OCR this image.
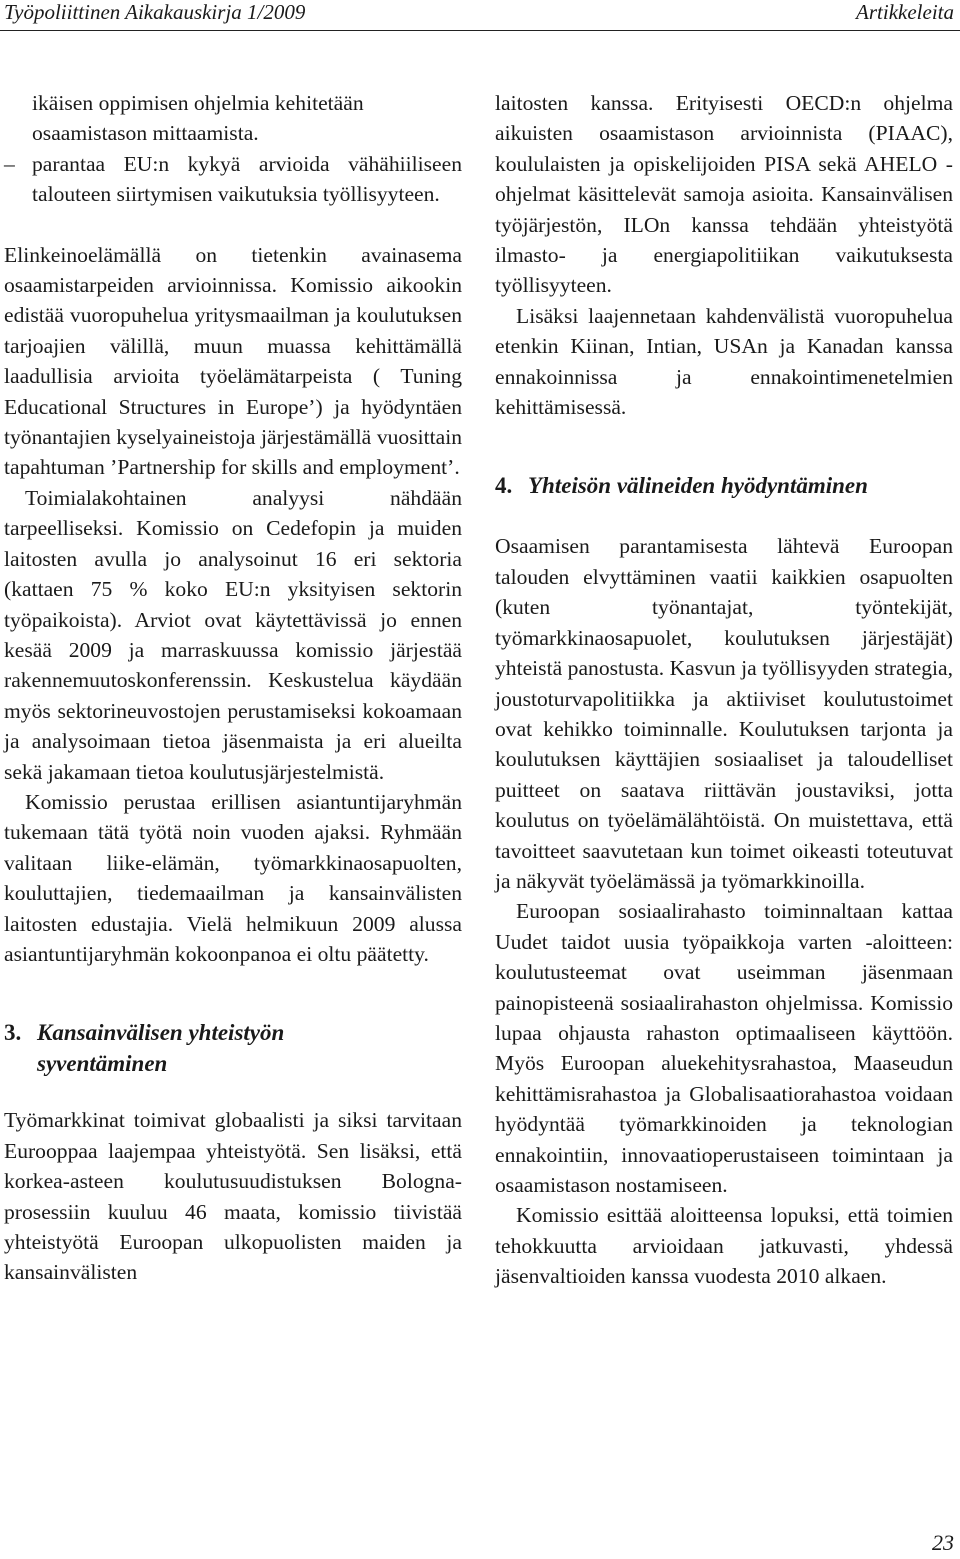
Työpoliittinen Aikakauskirja 1/2009	Artikkeleita

ikäisen oppimisen ohjelmia kehitetään

osaamistason mittaamista.

– parantaa EU:n kykyä arvioida vähähiiliseen talouteen siirtymisen vaikutuksia työllisyyteen.

Elinkeinoelämällä on tietenkin avainasema osaamistarpeiden arvioinnissa. Komissio aikookin edistää vuoropuhelua yritysmaailman ja koulutuksen tarjoajien välillä, muun muassa kehittämällä laadullisia arvioita työelämätarpeista ( Tuning Educational Structures in Europe’) ja hyödyntäen työnantajien kyselyaineistoja järjestämällä vuosittain tapahtuman ’Partnership for skills and employment’.

Toimialakohtainen analyysi nähdään tarpeelliseksi. Komissio on Cedefopin ja muiden laitosten avulla jo analysoinut 16 eri sektoria (kattaen 75 % koko EU:n yksityisen sektorin työpaikoista). Arviot ovat käytettävissä jo ennen kesää 2009 ja marraskuussa komissio järjestää rakennemuutoskonferenssin. Keskustelua käydään myös sektorineuvostojen perustamiseksi kokoamaan ja analysoimaan tietoa jäsenmaista ja eri alueilta sekä jakamaan tietoa koulutusjärjestelmistä.

Komissio perustaa erillisen asiantuntijaryhmän tukemaan tätä työtä noin vuoden ajaksi. Ryhmään valitaan liike-elämän, työmarkkinaosapuolten, kouluttajien, tiedemaailman ja kansainvälisten laitosten edustajia. Vielä helmikuun 2009 alussa asiantuntijaryhmän kokoonpanoa ei oltu päätetty.

3. Kansainvälisen yhteistyön
syventäminen

Työmarkkinat toimivat globaalisti ja siksi tarvitaan Eurooppaa laajempaa yhteistyötä. Sen lisäksi, että korkea-asteen koulutusuudistuksen Bologna-prosessiin kuuluu 46 maata, komissio tiivistää yhteistyötä Euroopan ulkopuolisten maiden ja kansainvälisten

laitosten kanssa. Erityisesti OECD:n ohjelma aikuisten osaamistason arvioinnista (PIAAC), koululaisten ja opiskelijoiden PISA sekä AHELO -ohjelmat käsittelevät samoja asioita. Kansainvälisen työjärjestön, ILOn kanssa tehdään yhteistyötä ilmasto- ja energiapolitiikan vaikutuksesta työllisyyteen.

Lisäksi laajennetaan kahdenvälistä vuoropuhelua etenkin Kiinan, Intian, USAn ja Kanadan kanssa ennakoinnissa ja ennakointimenetelmien kehittämisessä.

4. Yhteisön välineiden hyödyntäminen

Osaamisen parantamisesta lähtevä Euroopan talouden elvyttäminen vaatii kaikkien osapuolten (kuten työnantajat, työntekijät, työmarkkinaosapuolet, koulutuksen järjestäjät) yhteistä panostusta. Kasvun ja työllisyyden strategia, joustoturvapolitiikka ja aktiiviset koulutustoimet ovat kehikko toiminnalle. Koulutuksen tarjonta ja koulutuksen käyttäjien sosiaaliset ja taloudelliset puitteet on saatava riittävän joustaviksi, jotta koulutus on työelämälähtöistä. On muistettava, että tavoitteet saavutetaan kun toimet oikeasti toteutuvat ja näkyvät työelämässä ja työmarkkinoilla.

Euroopan sosiaalirahasto toiminnaltaan kattaa Uudet taidot uusia työpaikkoja varten -aloitteen: koulutusteemat ovat useimman jäsenmaan painopisteenä sosiaalirahaston ohjelmissa. Komissio lupaa ohjausta rahaston optimaaliseen käyttöön. Myös Euroopan aluekehitysrahastoa, Maaseudun kehittämisrahastoa ja Globalisaatiorahastoa voidaan hyödyntää työmarkkinoiden ja teknologian ennakointiin, innovaatioperustaiseen toimintaan ja osaamistason nostamiseen.

Komissio esittää aloitteensa lopuksi, että toimien tehokkuutta arvioidaan jatkuvasti, yhdessä jäsenvaltioiden kanssa vuodesta 2010 alkaen.

23
